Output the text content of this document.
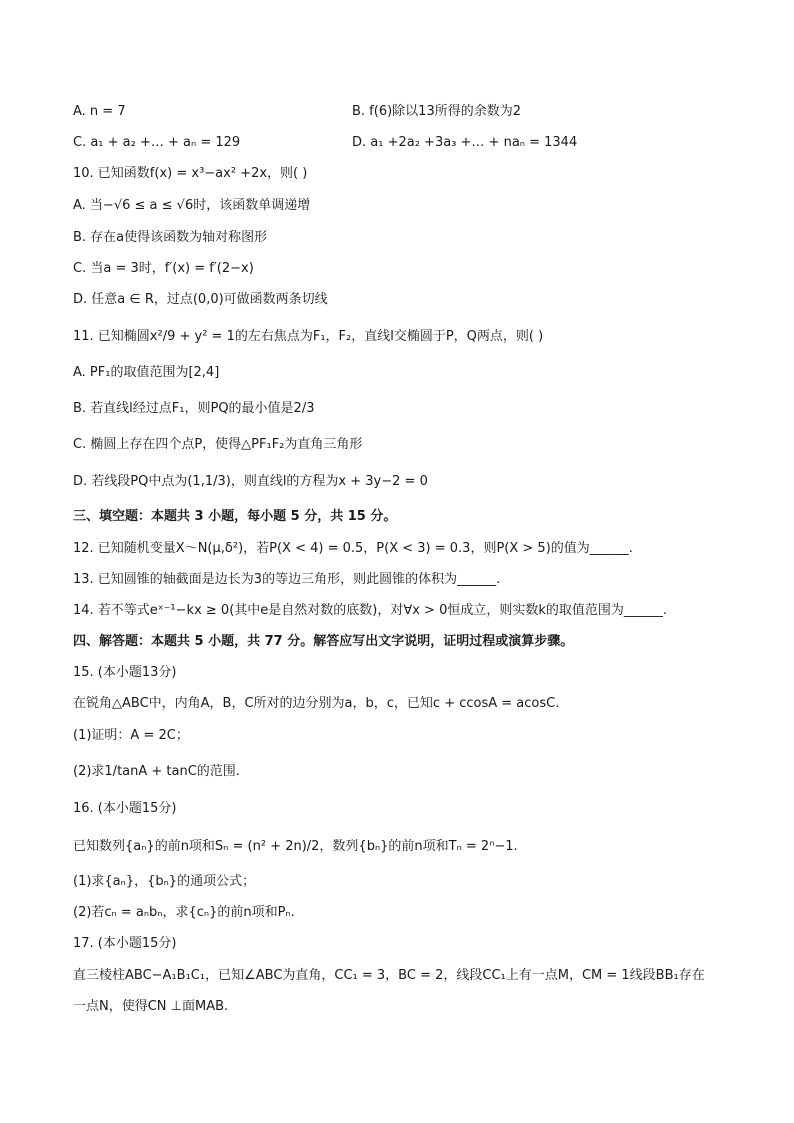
A. n = 7	B. f(6)除以13所得的余数为2
C. a₁ + a₂ +… + aₙ = 129	D. a₁ +2a₂ +3a₃ +… + naₙ = 1344
10. 已知函数f(x) = x³−ax² +2x，则( )
A. 当−√6 ≤ a ≤ √6时，该函数单调递增
B. 存在a使得该函数为轴对称图形
C. 当a = 3时，f′(x) = f′(2−x)
D. 任意a ∈ R，过点(0,0)可做函数两条切线
11. 已知椭圆x²/9 + y² = 1的左右焦点为F₁，F₂，直线l交椭圆于P，Q两点，则( )
A. PF₁的取值范围为[2,4]
B. 若直线l经过点F₁，则PQ的最小值是2/3
C. 椭圆上存在四个点P，使得△PF₁F₂为直角三角形
D. 若线段PQ中点为(1,1/3)，则直线l的方程为x + 3y−2 = 0
三、填空题：本题共 3 小题，每小题 5 分，共 15 分。
12. 已知随机变量X～N(μ,δ²)，若P(X < 4) = 0.5，P(X < 3) = 0.3，则P(X > 5)的值为______.
13. 已知圆锥的轴截面是边长为3的等边三角形，则此圆锥的体积为______.
14. 若不等式eˣ⁻¹−kx ≥ 0(其中e是自然对数的底数)，对∀x > 0恒成立，则实数k的取值范围为______.
四、解答题：本题共 5 小题，共 77 分。解答应写出文字说明，证明过程或演算步骤。
15. (本小题13分)
在锐角△ABC中，内角A，B，C所对的边分别为a，b，c，已知c + ccosA = acosC.
(1)证明：A = 2C；
(2)求1/tanA + tanC的范围.
16. (本小题15分)
已知数列{aₙ}的前n项和Sₙ = (n² + 2n)/2，数列{bₙ}的前n项和Tₙ = 2ⁿ−1.
(1)求{aₙ}，{bₙ}的通项公式；
(2)若cₙ = aₙbₙ，求{cₙ}的前n项和Pₙ.
17. (本小题15分)
直三棱柱ABC−A₁B₁C₁，已知∠ABC为直角，CC₁ = 3，BC = 2，线段CC₁上有一点M，CM = 1线段BB₁存在
一点N，使得CN ⊥面MAB.
